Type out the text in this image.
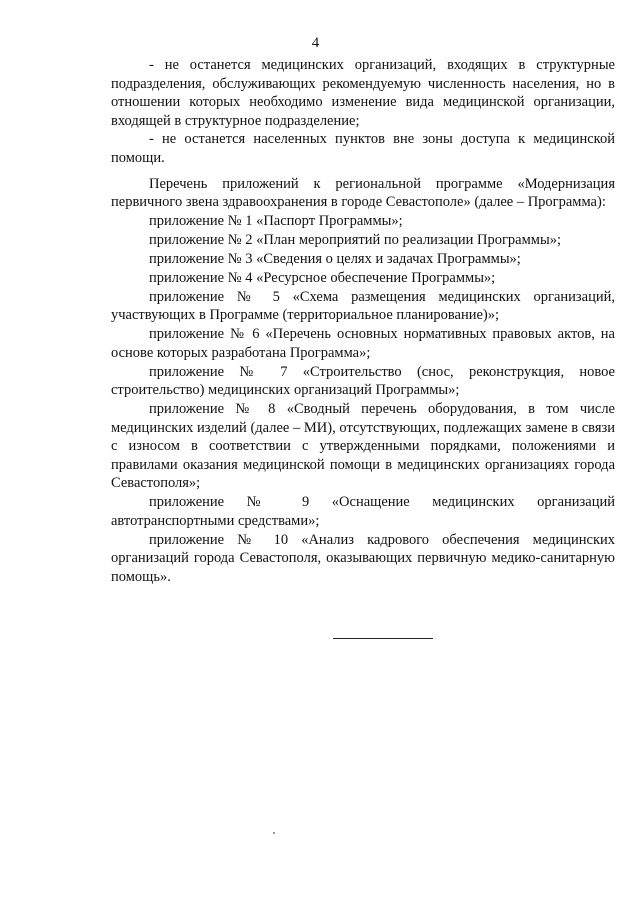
4

- не останется медицинских организаций, входящих в структурные подразделения, обслуживающих рекомендуемую численность населения, но в отношении которых необходимо изменение вида медицинской организации, входящей в структурное подразделение;

- не останется населенных пунктов вне зоны доступа к медицинской помощи.

Перечень приложений к региональной программе «Модернизация первичного звена здравоохранения в городе Севастополе» (далее – Программа):

приложение № 1 «Паспорт Программы»;

приложение № 2 «План мероприятий по реализации Программы»;

приложение № 3 «Сведения о целях и задачах Программы»;

приложение № 4 «Ресурсное обеспечение Программы»;

приложение № 5 «Схема размещения медицинских организаций, участвующих в Программе (территориальное планирование)»;

приложение № 6 «Перечень основных нормативных правовых актов, на основе которых разработана Программа»;

приложение № 7 «Строительство (снос, реконструкция, новое строительство) медицинских организаций Программы»;

приложение № 8 «Сводный перечень оборудования, в том числе медицинских изделий (далее – МИ), отсутствующих, подлежащих замене в связи с износом в соответствии с утвержденными порядками, положениями и правилами оказания медицинской помощи в медицинских организациях города Севастополя»;

приложение № 9 «Оснащение медицинских организаций автотранспортными средствами»;

приложение № 10 «Анализ кадрового обеспечения медицинских организаций города Севастополя, оказывающих первичную медико-санитарную помощь».
